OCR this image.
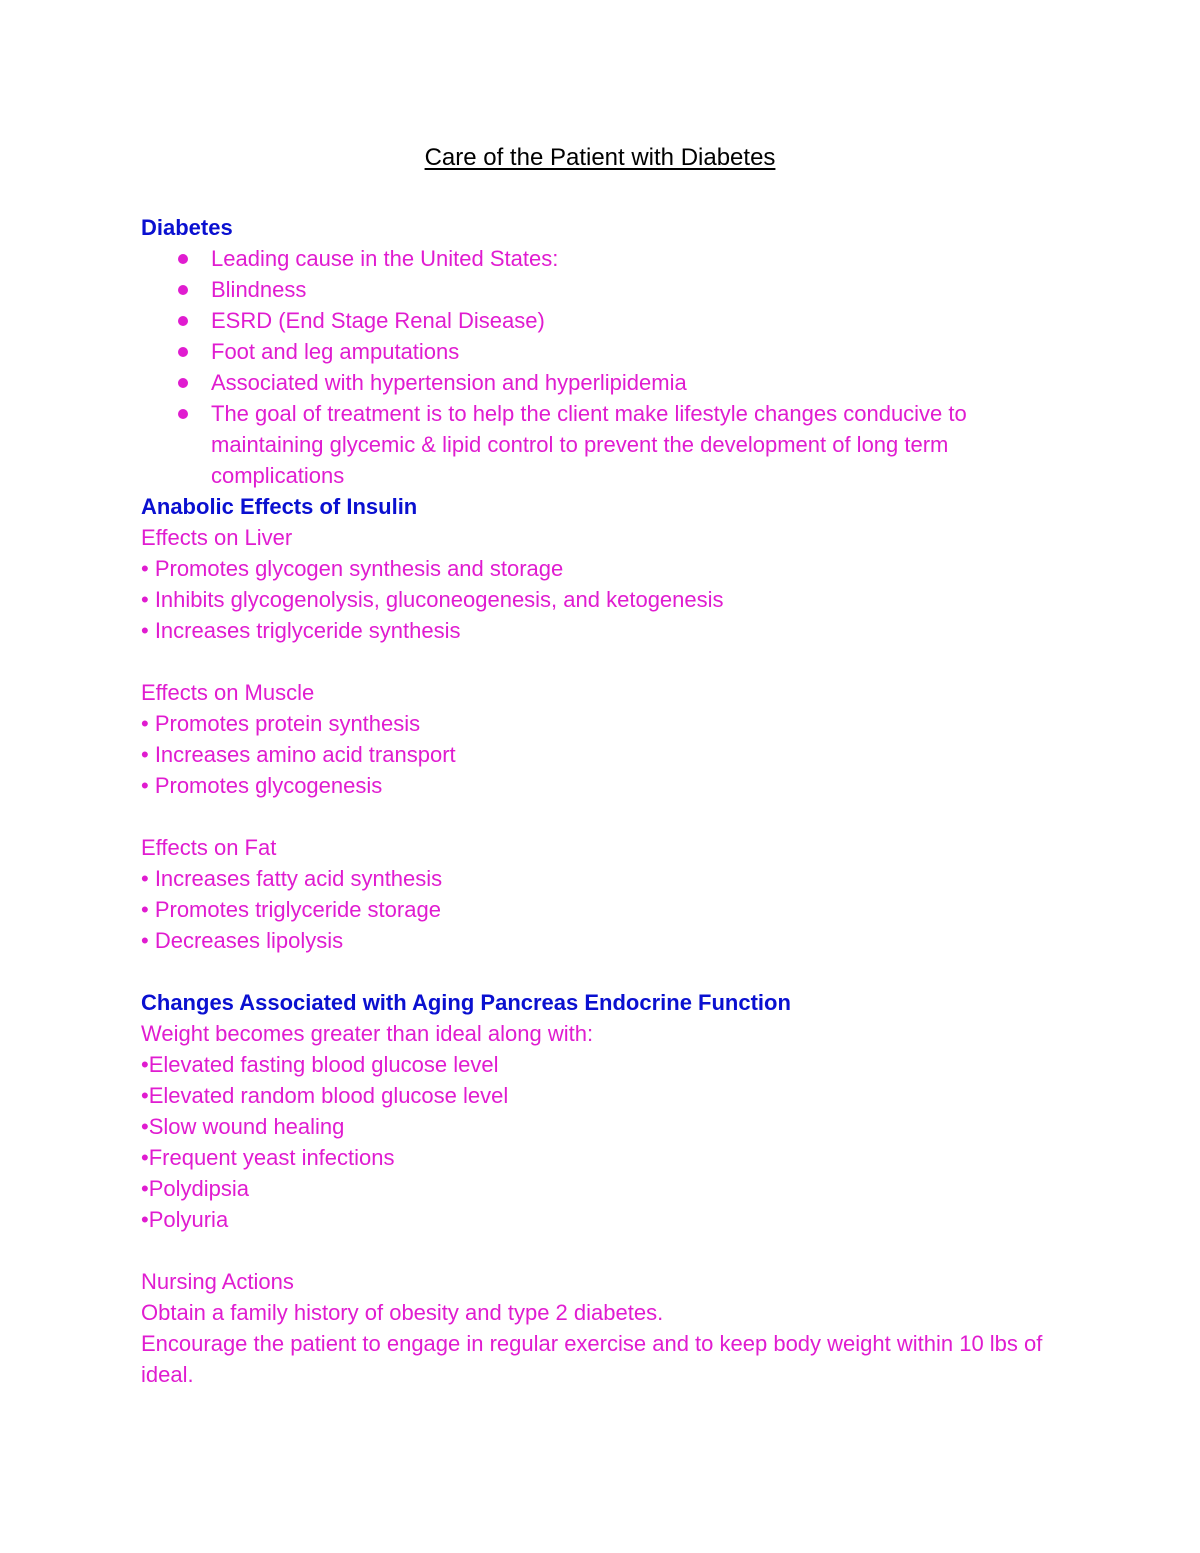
Care of the Patient with Diabetes

Diabetes

Leading cause in the United States:
Blindness
ESRD (End Stage Renal Disease)
Foot and leg amputations
Associated with hypertension and hyperlipidemia
The goal of treatment is to help the client make lifestyle changes conducive to maintaining glycemic & lipid control to prevent the development of long term complications

Anabolic Effects of Insulin

Effects on Liver

• Promotes glycogen synthesis and storage

• Inhibits glycogenolysis, gluconeogenesis, and ketogenesis

• Increases triglyceride synthesis

Effects on Muscle

• Promotes protein synthesis

• Increases amino acid transport

• Promotes glycogenesis

Effects on Fat

• Increases fatty acid synthesis

• Promotes triglyceride storage

• Decreases lipolysis

Changes Associated with Aging Pancreas Endocrine Function

Weight becomes greater than ideal along with:

•Elevated fasting blood glucose level

•Elevated random blood glucose level

•Slow wound healing

•Frequent yeast infections

•Polydipsia

•Polyuria

Nursing Actions

Obtain a family history of obesity and type 2 diabetes.

Encourage the patient to engage in regular exercise and to keep body weight within 10 lbs of ideal.
